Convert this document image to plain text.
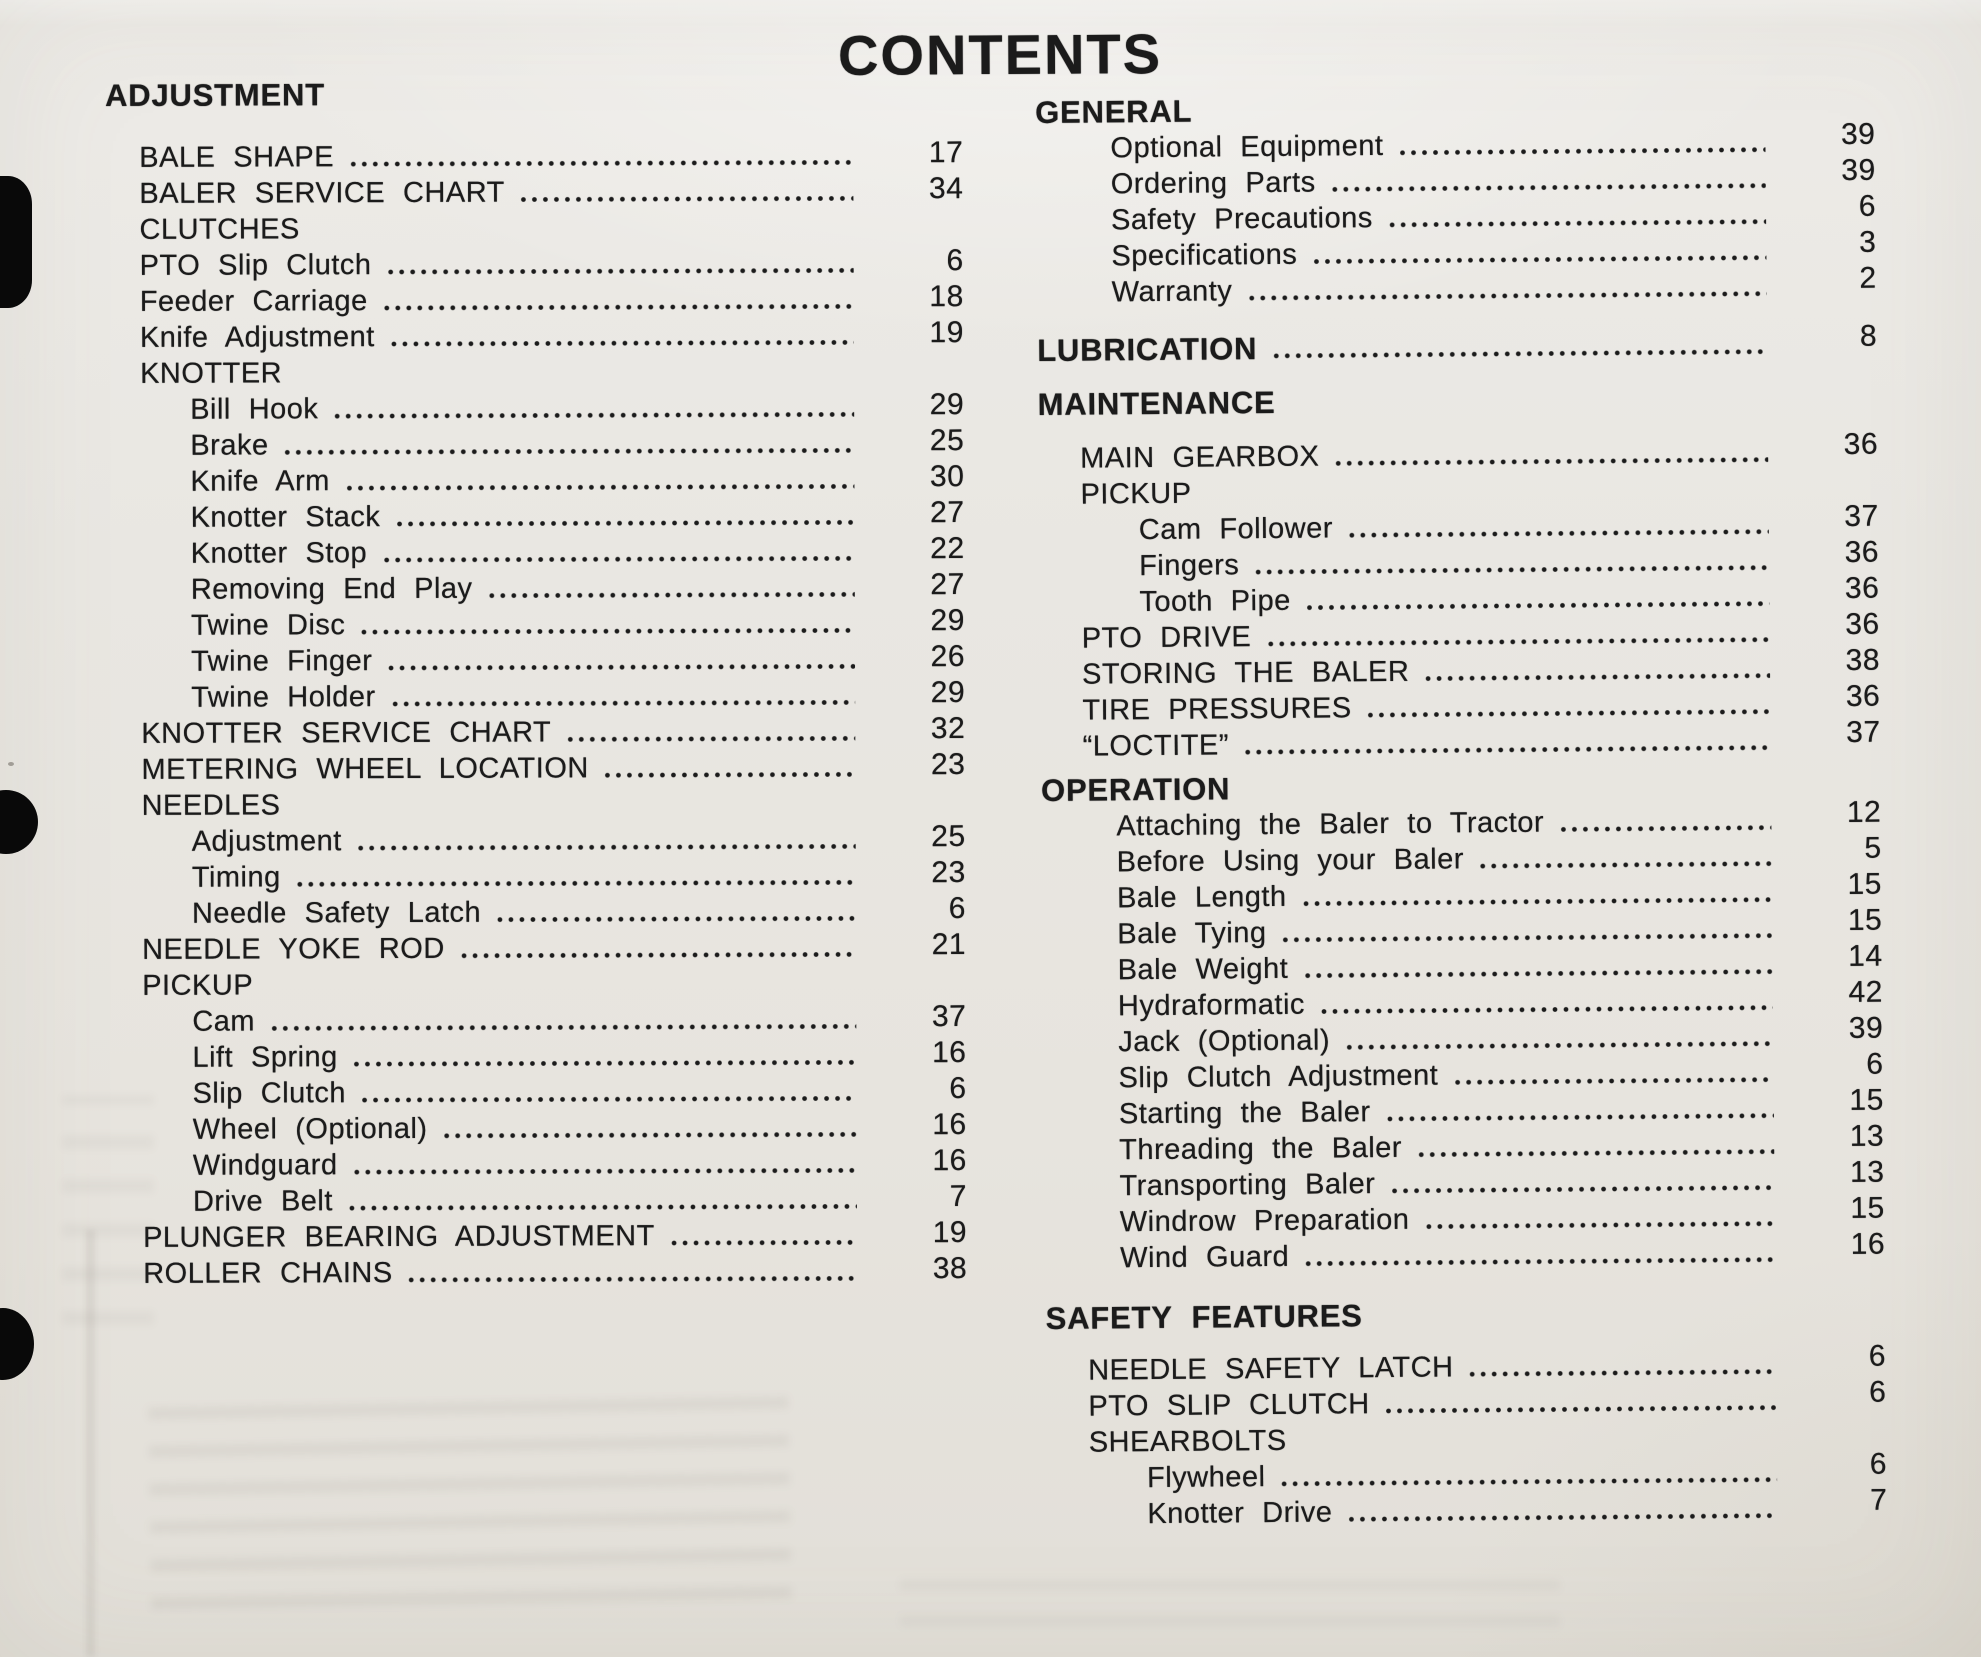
CONTENTS
ADJUSTMENT
BALE SHAPE	17
BALER SERVICE CHART	34
CLUTCHES
PTO Slip Clutch	6
Feeder Carriage	18
Knife Adjustment	19
KNOTTER
Bill Hook	29
Brake	25
Knife Arm	30
Knotter Stack	27
Knotter Stop	22
Removing End Play	27
Twine Disc	29
Twine Finger	26
Twine Holder	29
KNOTTER SERVICE CHART	32
METERING WHEEL LOCATION	23
NEEDLES
Adjustment	25
Timing	23
Needle Safety Latch	6
NEEDLE YOKE ROD	21
PICKUP
Cam	37
Lift Spring	16
Slip Clutch	6
Wheel (Optional)	16
Windguard	16
Drive Belt	7
PLUNGER BEARING ADJUSTMENT	19
ROLLER CHAINS	38
GENERAL
Optional Equipment	39
Ordering Parts	39
Safety Precautions	6
Specifications	3
Warranty	2
LUBRICATION	8
MAINTENANCE
MAIN GEARBOX	36
PICKUP
Cam Follower	37
Fingers	36
Tooth Pipe	36
PTO DRIVE	36
STORING THE BALER	38
TIRE PRESSURES	36
“LOCTITE”	37
OPERATION
Attaching the Baler to Tractor	12
Before Using your Baler	5
Bale Length	15
Bale Tying	15
Bale Weight	14
Hydraformatic	42
Jack (Optional)	39
Slip Clutch Adjustment	6
Starting the Baler	15
Threading the Baler	13
Transporting Baler	13
Windrow Preparation	15
Wind Guard	16
SAFETY FEATURES
NEEDLE SAFETY LATCH	6
PTO SLIP CLUTCH	6
SHEARBOLTS
Flywheel	6
Knotter Drive	7
